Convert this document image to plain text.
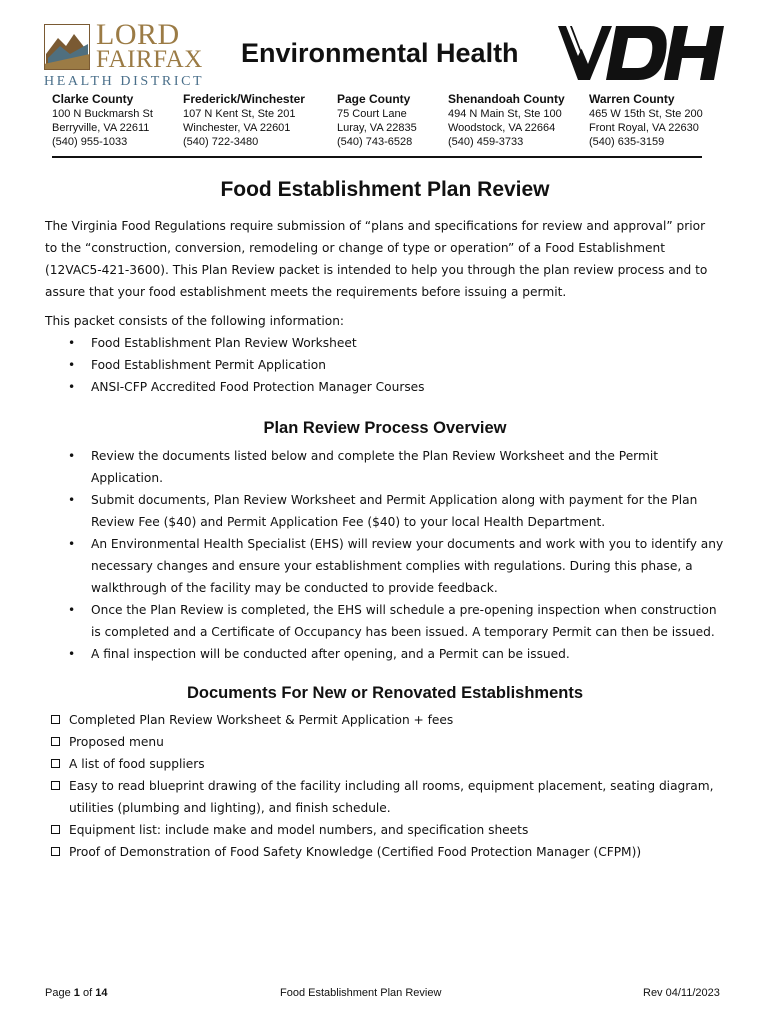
LORD
FAIRFAX
HEALTH DISTRICT
Environmental Health
Clarke County
100 N Buckmarsh St
Berryville, VA 22611
(540) 955-1033
Frederick/Winchester
107 N Kent St, Ste 201
Winchester, VA 22601
(540) 722-3480
Page County
75 Court Lane
Luray, VA 22835
(540) 743-6528
Shenandoah County
494 N Main St, Ste 100
Woodstock, VA 22664
(540) 459-3733
Warren County
465 W 15th St, Ste 200
Front Royal, VA 22630
(540) 635-3159
Food Establishment Plan Review
The Virginia Food Regulations require submission of “plans and specifications for review and approval” prior
to the “construction, conversion, remodeling or change of type or operation” of a Food Establishment
(12VAC5-421-3600). This Plan Review packet is intended to help you through the plan review process and to
assure that your food establishment meets the requirements before issuing a permit.
This packet consists of the following information:
• Food Establishment Plan Review Worksheet
• Food Establishment Permit Application
• ANSI-CFP Accredited Food Protection Manager Courses
Plan Review Process Overview
• Review the documents listed below and complete the Plan Review Worksheet and the Permit
Application.
• Submit documents, Plan Review Worksheet and Permit Application along with payment for the Plan
Review Fee ($40) and Permit Application Fee ($40) to your local Health Department.
• An Environmental Health Specialist (EHS) will review your documents and work with you to identify any
necessary changes and ensure your establishment complies with regulations. During this phase, a
walkthrough of the facility may be conducted to provide feedback.
• Once the Plan Review is completed, the EHS will schedule a pre-opening inspection when construction
is completed and a Certificate of Occupancy has been issued. A temporary Permit can then be issued.
• A final inspection will be conducted after opening, and a Permit can be issued.
Documents For New or Renovated Establishments
Completed Plan Review Worksheet & Permit Application + fees
Proposed menu
A list of food suppliers
Easy to read blueprint drawing of the facility including all rooms, equipment placement, seating diagram,
utilities (plumbing and lighting), and finish schedule.
Equipment list: include make and model numbers, and specification sheets
Proof of Demonstration of Food Safety Knowledge (Certified Food Protection Manager (CFPM))
Page 1 of 14	Food Establishment Plan Review	Rev 04/11/2023
